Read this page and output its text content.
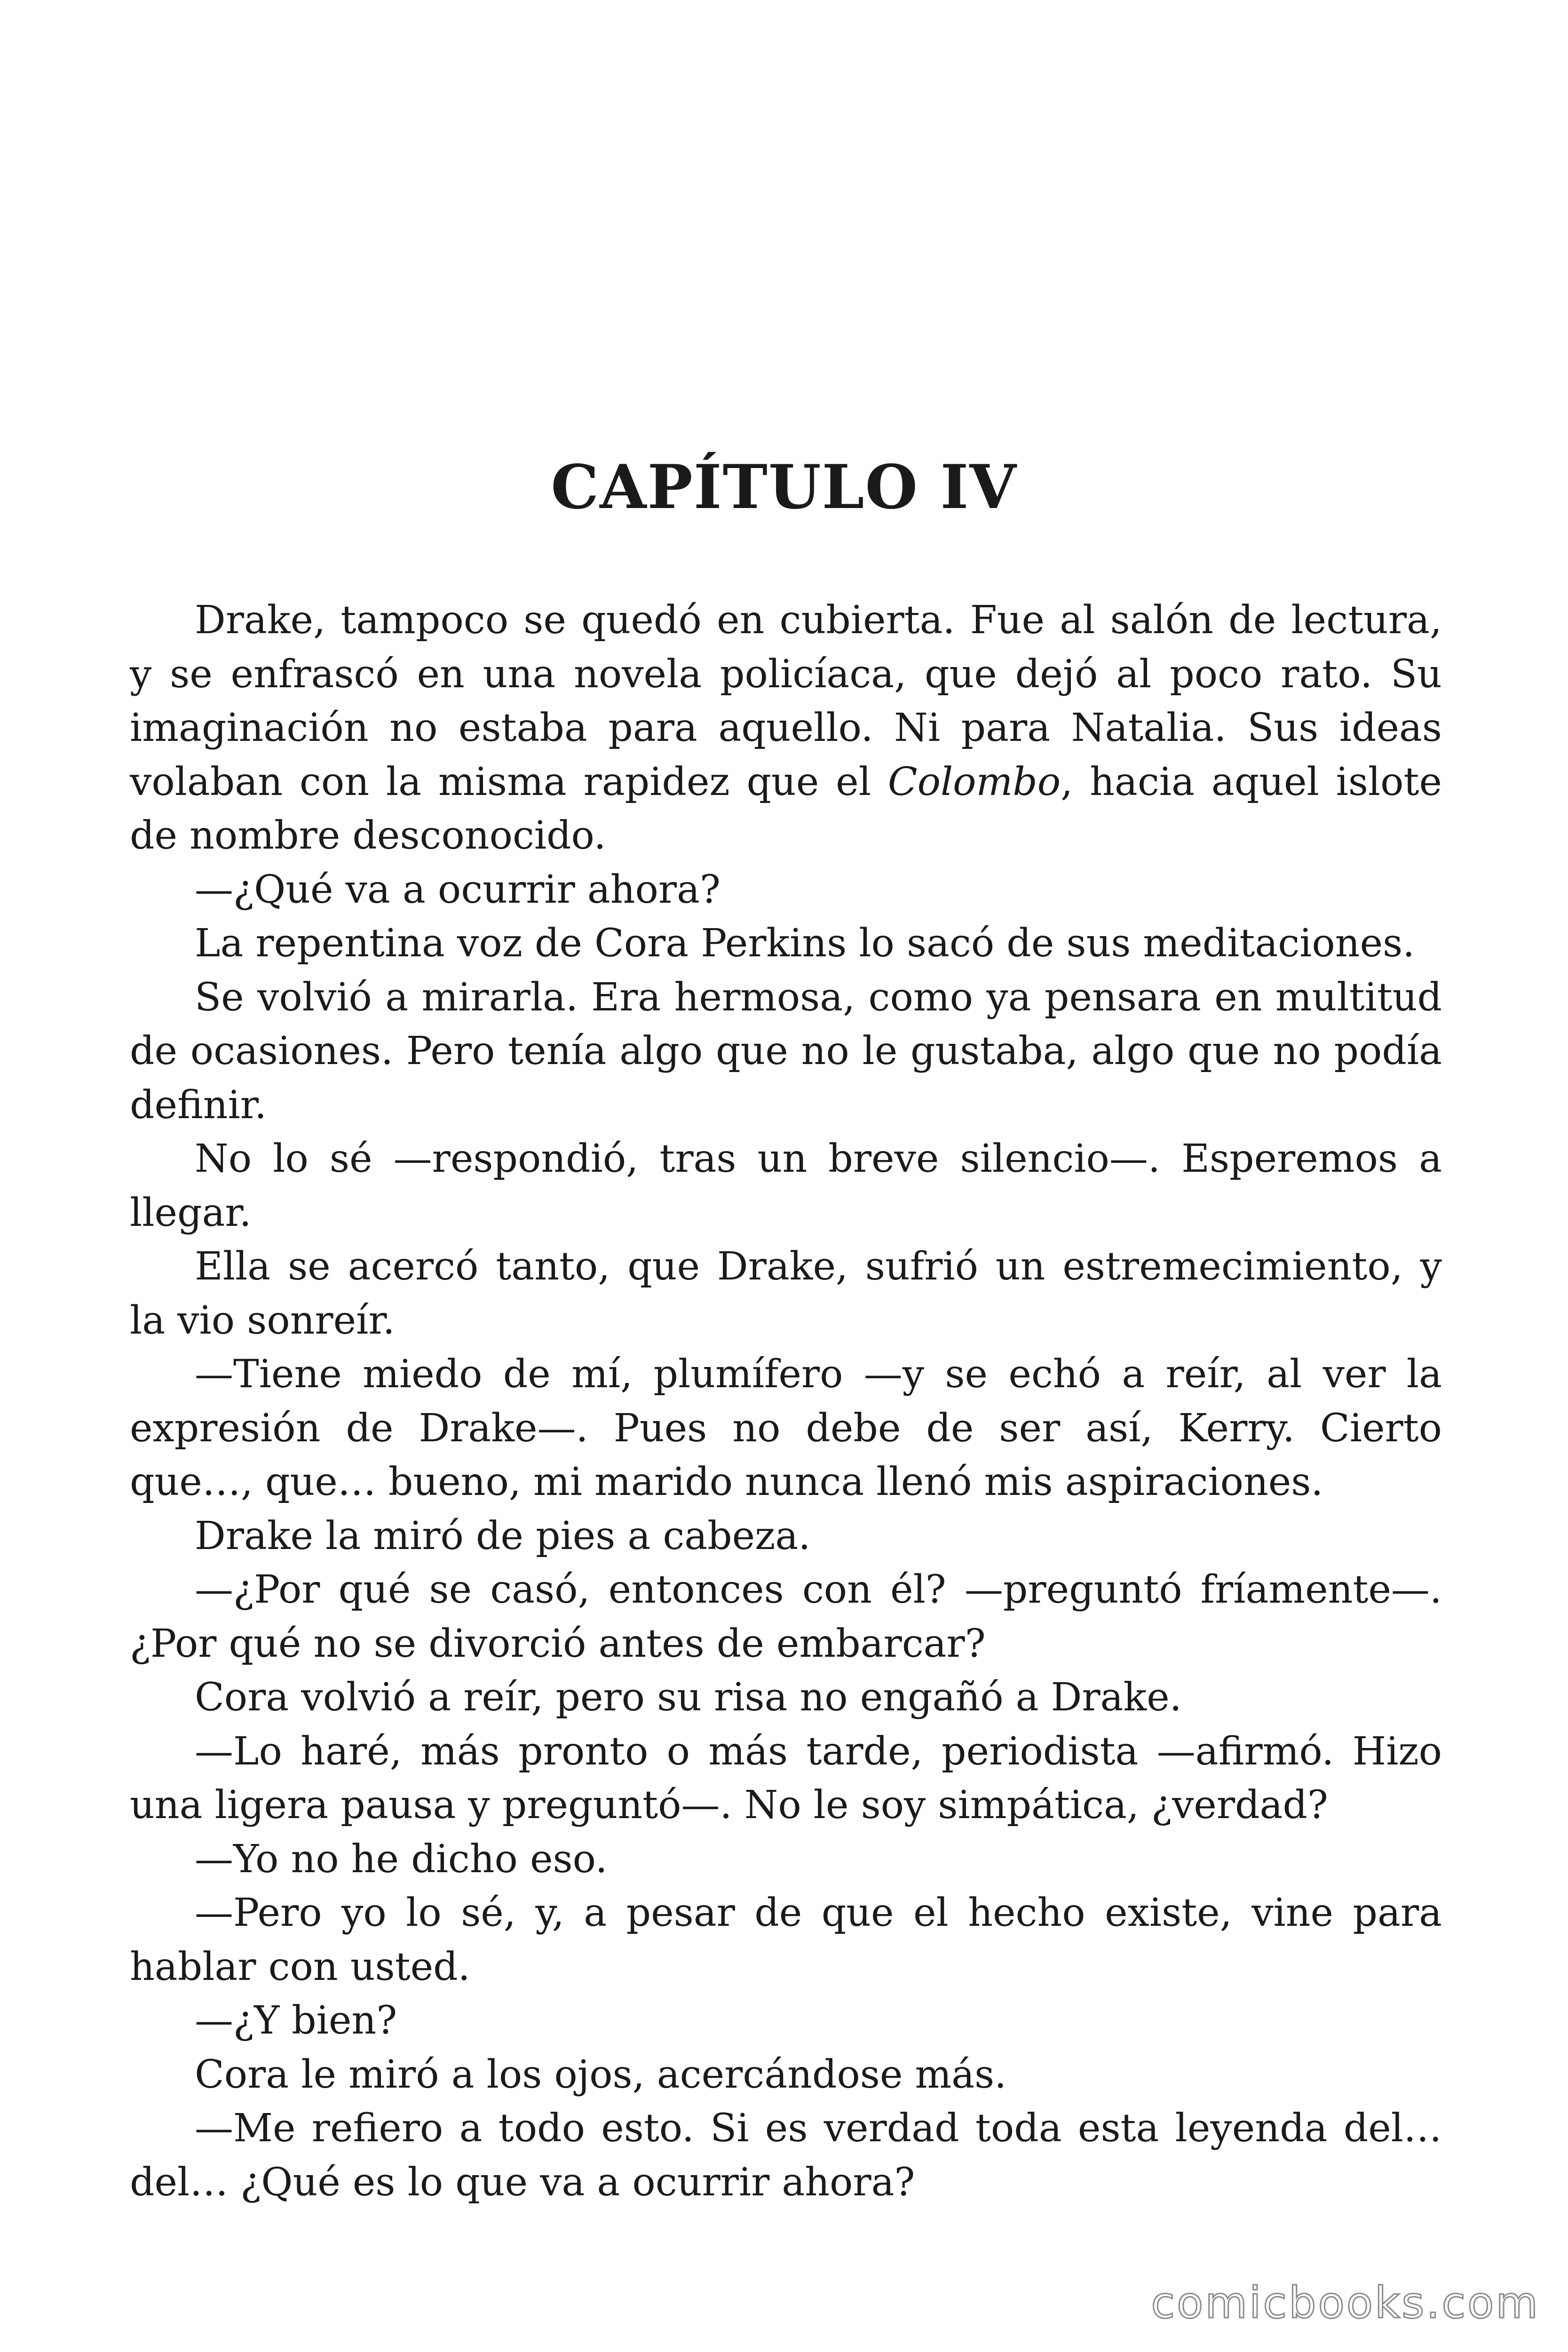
CAPÍTULO IV

Drake, tampoco se quedó en cubierta. Fue al salón de lectura, y se enfrascó en una novela policíaca, que dejó al poco rato. Su imaginación no estaba para aquello. Ni para Natalia. Sus ideas volaban con la misma rapidez que el Colombo, hacia aquel islote de nombre desconocido.

—¿Qué va a ocurrir ahora?

La repentina voz de Cora Perkins lo sacó de sus meditaciones.

Se volvió a mirarla. Era hermosa, como ya pensara en multitud de ocasiones. Pero tenía algo que no le gustaba, algo que no podía definir.

No lo sé —respondió, tras un breve silencio—. Esperemos a llegar.

Ella se acercó tanto, que Drake, sufrió un estremecimiento, y la vio sonreír.

—Tiene miedo de mí, plumífero —y se echó a reír, al ver la expresión de Drake—. Pues no debe de ser así, Kerry. Cierto que…, que… bueno, mi marido nunca llenó mis aspiraciones.

Drake la miró de pies a cabeza.

—¿Por qué se casó, entonces con él? —preguntó fríamente—. ¿Por qué no se divorció antes de embarcar?

Cora volvió a reír, pero su risa no engañó a Drake.

—Lo haré, más pronto o más tarde, periodista —afirmó. Hizo una ligera pausa y preguntó—. No le soy simpática, ¿verdad?

—Yo no he dicho eso.

—Pero yo lo sé, y, a pesar de que el hecho existe, vine para hablar con usted.

—¿Y bien?

Cora le miró a los ojos, acercándose más.

—Me refiero a todo esto. Si es verdad toda esta leyenda del… del… ¿Qué es lo que va a ocurrir ahora?

comicbooks.com
